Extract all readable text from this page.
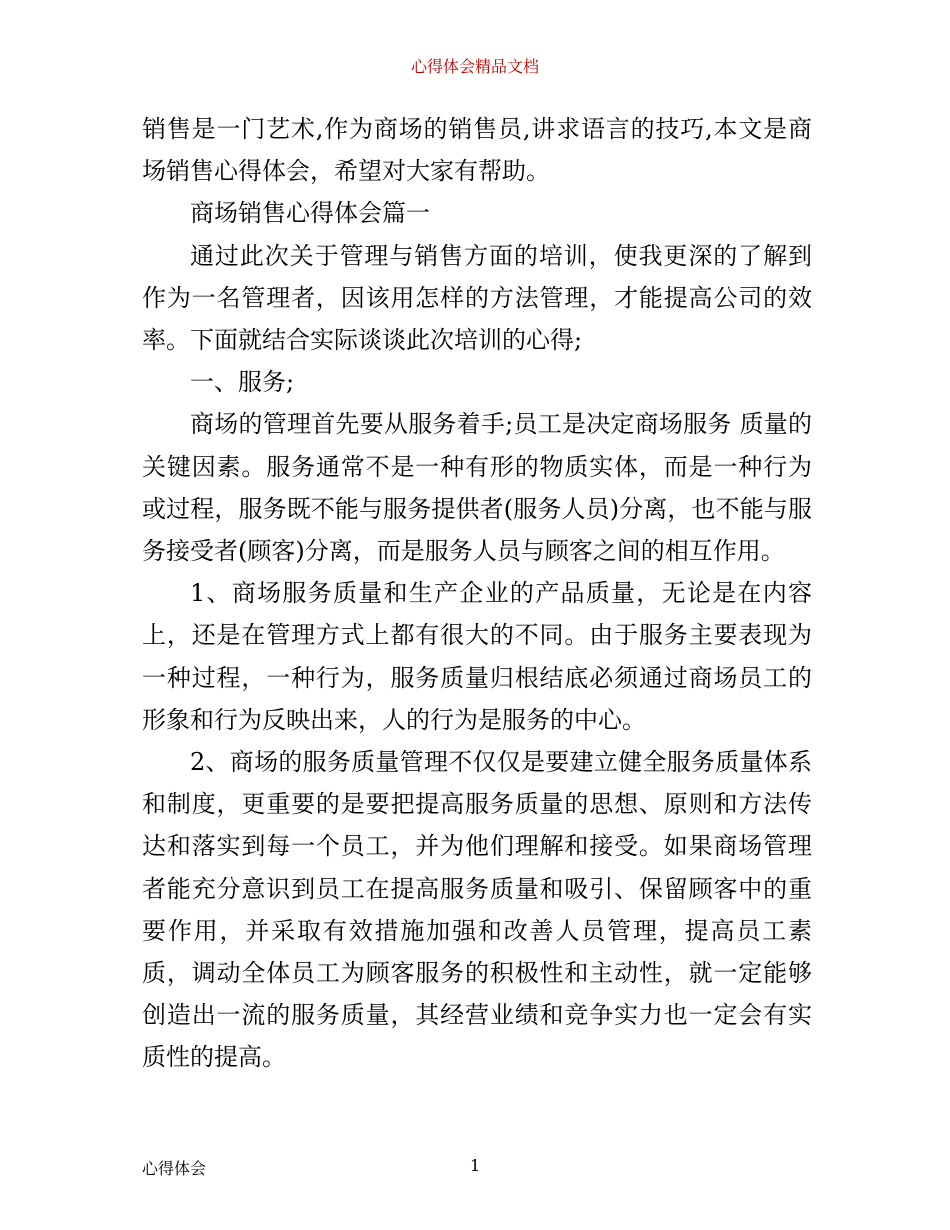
心得体会精品文档

销售是一门艺术,作为商场的销售员,讲求语言的技巧,本文是商场销售心得体会，希望对大家有帮助。

商场销售心得体会篇一

通过此次关于管理与销售方面的培训，使我更深的了解到作为一名管理者，因该用怎样的方法管理，才能提高公司的效率。下面就结合实际谈谈此次培训的心得;

一、服务;

商场的管理首先要从服务着手;员工是决定商场服务 质量的关键因素。服务通常不是一种有形的物质实体，而是一种行为或过程，服务既不能与服务提供者(服务人员)分离，也不能与服务接受者(顾客)分离，而是服务人员与顾客之间的相互作用。

1、商场服务质量和生产企业的产品质量，无论是在内容上，还是在管理方式上都有很大的不同。由于服务主要表现为一种过程，一种行为，服务质量归根结底必须通过商场员工的形象和行为反映出来，人的行为是服务的中心。

2、商场的服务质量管理不仅仅是要建立健全服务质量体系和制度，更重要的是要把提高服务质量的思想、原则和方法传达和落实到每一个员工，并为他们理解和接受。如果商场管理者能充分意识到员工在提高服务质量和吸引、保留顾客中的重要作用，并采取有效措施加强和改善人员管理，提高员工素质，调动全体员工为顾客服务的积极性和主动性，就一定能够创造出一流的服务质量，其经营业绩和竞争实力也一定会有实质性的提高。

心得体会	1
